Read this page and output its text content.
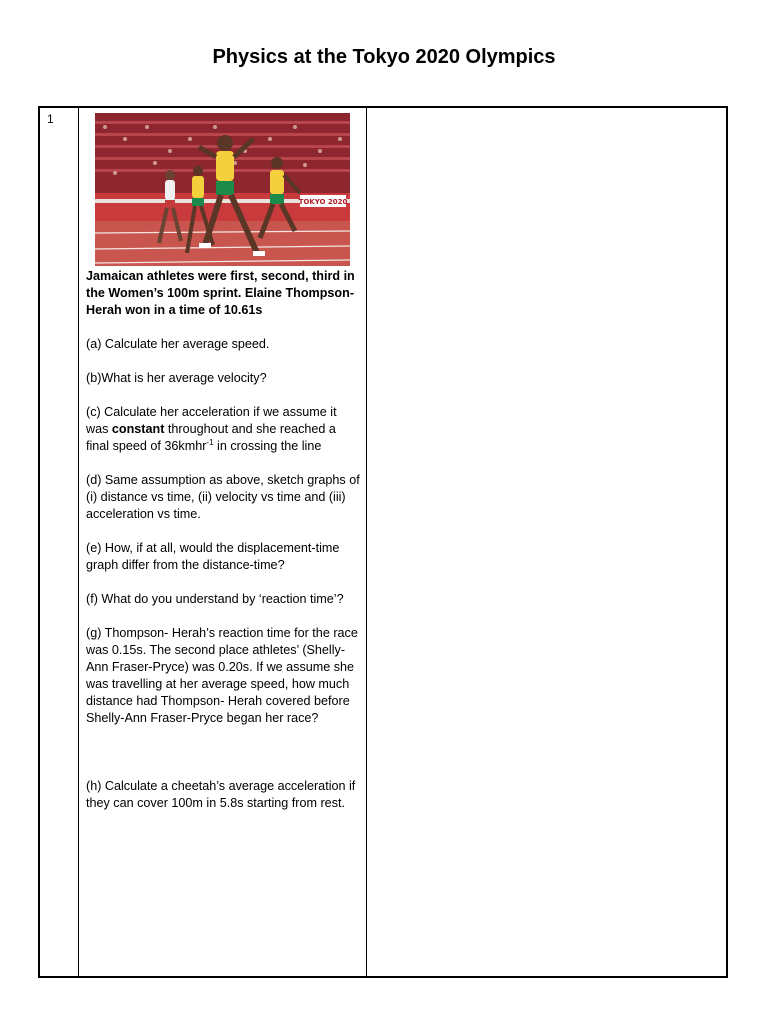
Physics at the Tokyo 2020 Olympics
1
TOKYO 2020

Jamaican athletes were first, second, third in the Women’s 100m sprint. Elaine Thompson-Herah won in a time of 10.61s

(a) Calculate her average speed.

(b)What is her average velocity?

(c) Calculate her acceleration if we assume it was constant throughout and she reached a final speed of 36kmhr$^{-1}$ in crossing the line

(d) Same assumption as above, sketch graphs of (i) distance vs time, (ii) velocity vs time and (iii) acceleration vs time.

(e) How, if at all, would the displacement-time graph differ from the distance-time?

(f) What do you understand by ‘reaction time’?

(g) Thompson- Herah’s reaction time for the race was 0.15s. The second place athletes’ (Shelly-Ann Fraser-Pryce) was 0.20s. If we assume she was travelling at her average speed, how much distance had Thompson- Herah covered before Shelly-Ann Fraser-Pryce began her race?

(h) Calculate a cheetah’s average acceleration if they can cover 100m in 5.8s starting from rest.
